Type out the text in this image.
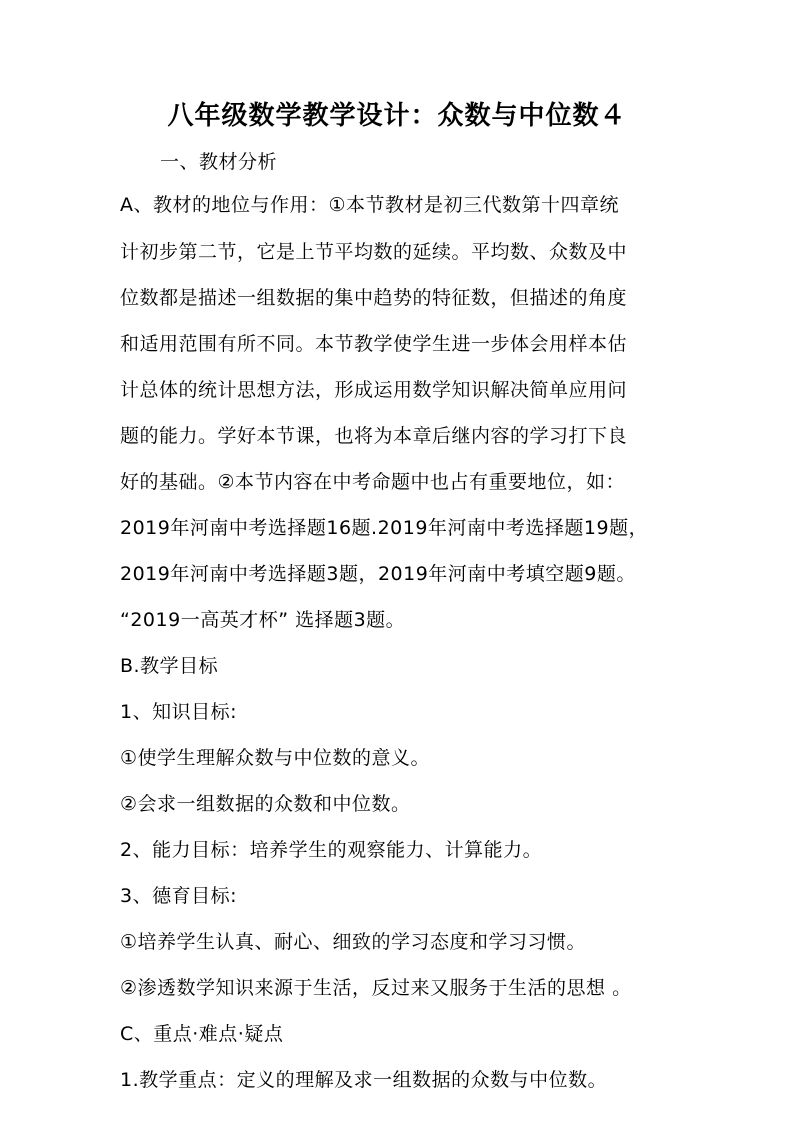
八年级数学教学设计：众数与中位数４
一、教材分析
A、教材的地位与作用：①本节教材是初三代数第十四章统
计初步第二节，它是上节平均数的延续。平均数、众数及中
位数都是描述一组数据的集中趋势的特征数，但描述的角度
和适用范围有所不同。本节教学使学生进一步体会用样本估
计总体的统计思想方法，形成运用数学知识解决简单应用问
题的能力。学好本节课，也将为本章后继内容的学习打下良
好的基础。②本节内容在中考命题中也占有重要地位，如：
2019年河南中考选择题16题.2019年河南中考选择题19题，
2019年河南中考选择题3题，2019年河南中考填空题9题。
“2019一高英才杯” 选择题3题。
B.教学目标
1、知识目标:
①使学生理解众数与中位数的意义。
②会求一组数据的众数和中位数。
2、能力目标：培养学生的观察能力、计算能力。
3、德育目标:
①培养学生认真、耐心、细致的学习态度和学习习惯。
②渗透数学知识来源于生活，反过来又服务于生活的思想 。
C、重点·难点·疑点
1.教学重点：定义的理解及求一组数据的众数与中位数。
